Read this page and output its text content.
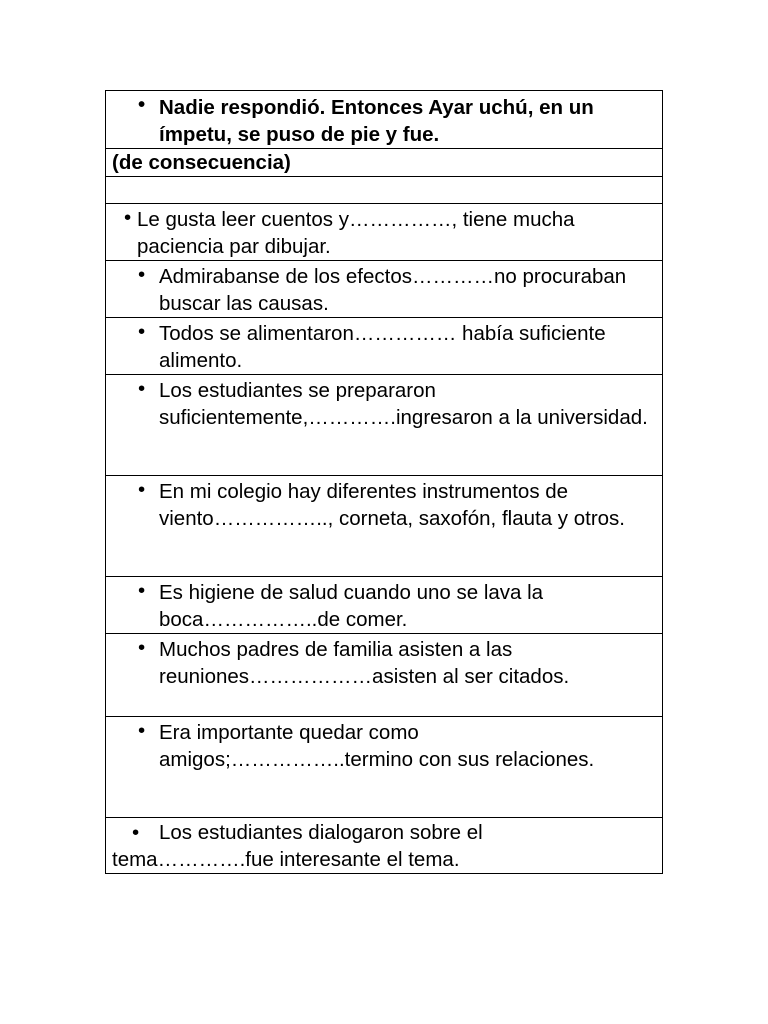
• Nadie respondió. Entonces Ayar uchú, en un ímpetu, se puso de pie y fue.

(de consecuencia)

• Le gusta leer cuentos y……………, tiene mucha paciencia par dibujar.

• Admirabanse de los efectos…………no procuraban buscar las causas.

• Todos se alimentaron…………… había suficiente alimento.

• Los estudiantes se prepararon suficientemente,………….ingresaron a la universidad.

• En mi colegio hay diferentes instrumentos de viento…………….., corneta, saxofón, flauta y otros.

• Es higiene de salud cuando uno se lava la boca……………..de comer.

• Muchos padres de familia asisten a las reuniones………………asisten al ser citados.

• Era importante quedar como amigos;……………..termino con sus relaciones.

• Los estudiantes dialogaron sobre el
tema………….fue interesante el tema.
